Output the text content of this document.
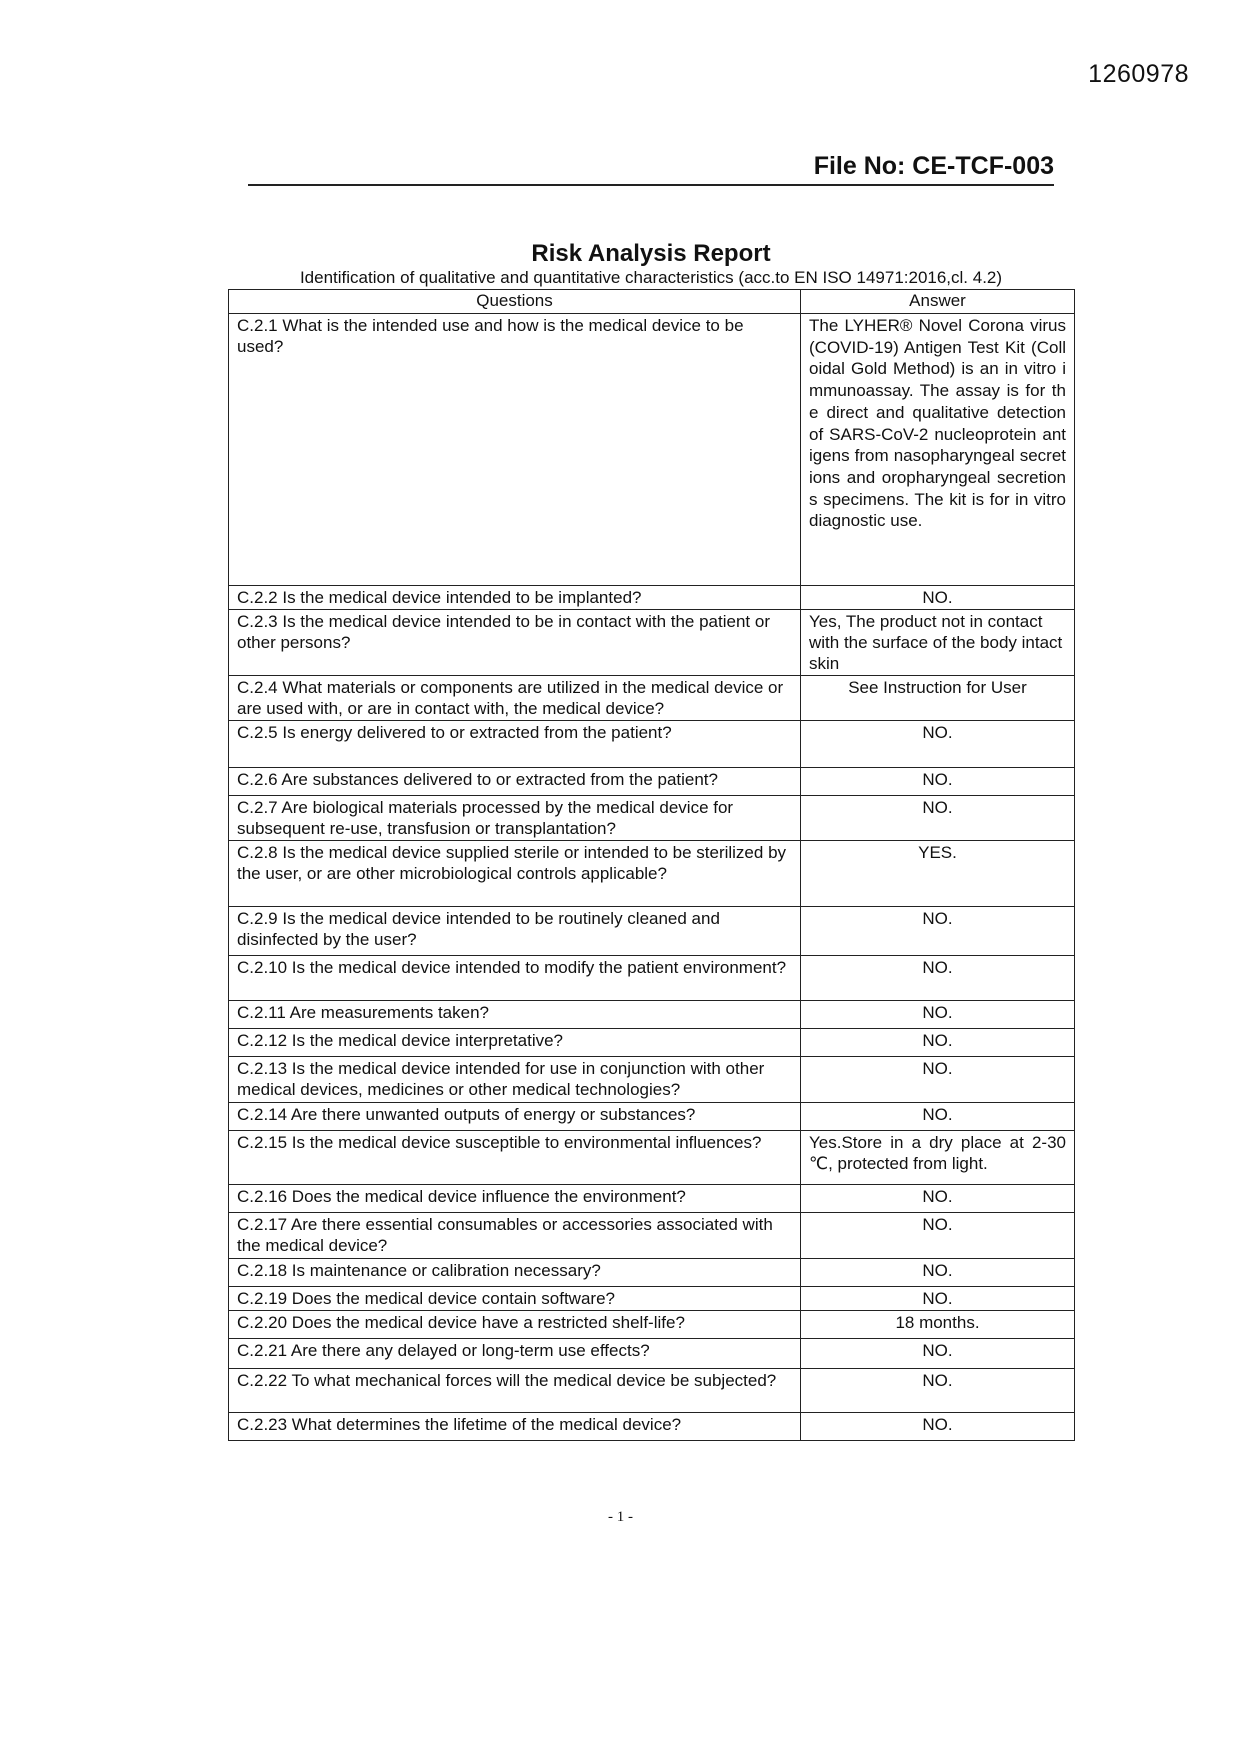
1260978
File No: CE-TCF-003
Risk Analysis Report
Identification of qualitative and quantitative characteristics (acc.to EN ISO 14971:2016,cl. 4.2)
Questions	Answer
C.2.1 What is the intended use and how is the medical device to be used?	The LYHER® Novel Corona virus (COVID-19) Antigen Test Kit (Colloidal Gold Method) is an in vitro immunoassay. The assay is for the direct and qualitative detection of SARS-CoV-2 nucleoprotein antigens from nasopharyngeal secretions and oropharyngeal secretions specimens. The kit is for in vitro diagnostic use.
C.2.2 Is the medical device intended to be implanted?	NO.
C.2.3 Is the medical device intended to be in contact with the patient or other persons?	Yes, The product not in contact with the surface of the body intact skin
C.2.4 What materials or components are utilized in the medical device or are used with, or are in contact with, the medical device?	See Instruction for User
C.2.5 Is energy delivered to or extracted from the patient?	NO.
C.2.6 Are substances delivered to or extracted from the patient?	NO.
C.2.7 Are biological materials processed by the medical device for subsequent re-use, transfusion or transplantation?	NO.
C.2.8 Is the medical device supplied sterile or intended to be sterilized by the user, or are other microbiological controls applicable?	YES.
C.2.9 Is the medical device intended to be routinely cleaned and disinfected by the user?	NO.
C.2.10 Is the medical device intended to modify the patient environment?	NO.
C.2.11 Are measurements taken?	NO.
C.2.12 Is the medical device interpretative?	NO.
C.2.13 Is the medical device intended for use in conjunction with other medical devices, medicines or other medical technologies?	NO.
C.2.14 Are there unwanted outputs of energy or substances?	NO.
C.2.15 Is the medical device susceptible to environmental influences?	Yes.Store in a dry place at 2-30 ℃, protected from light.
C.2.16 Does the medical device influence the environment?	NO.
C.2.17 Are there essential consumables or accessories associated with the medical device?	NO.
C.2.18 Is maintenance or calibration necessary?	NO.
C.2.19 Does the medical device contain software?	NO.
C.2.20 Does the medical device have a restricted shelf-life?	18 months.
C.2.21 Are there any delayed or long-term use effects?	NO.
C.2.22 To what mechanical forces will the medical device be subjected?	NO.
C.2.23 What determines the lifetime of the medical device?	NO.
- 1 -
